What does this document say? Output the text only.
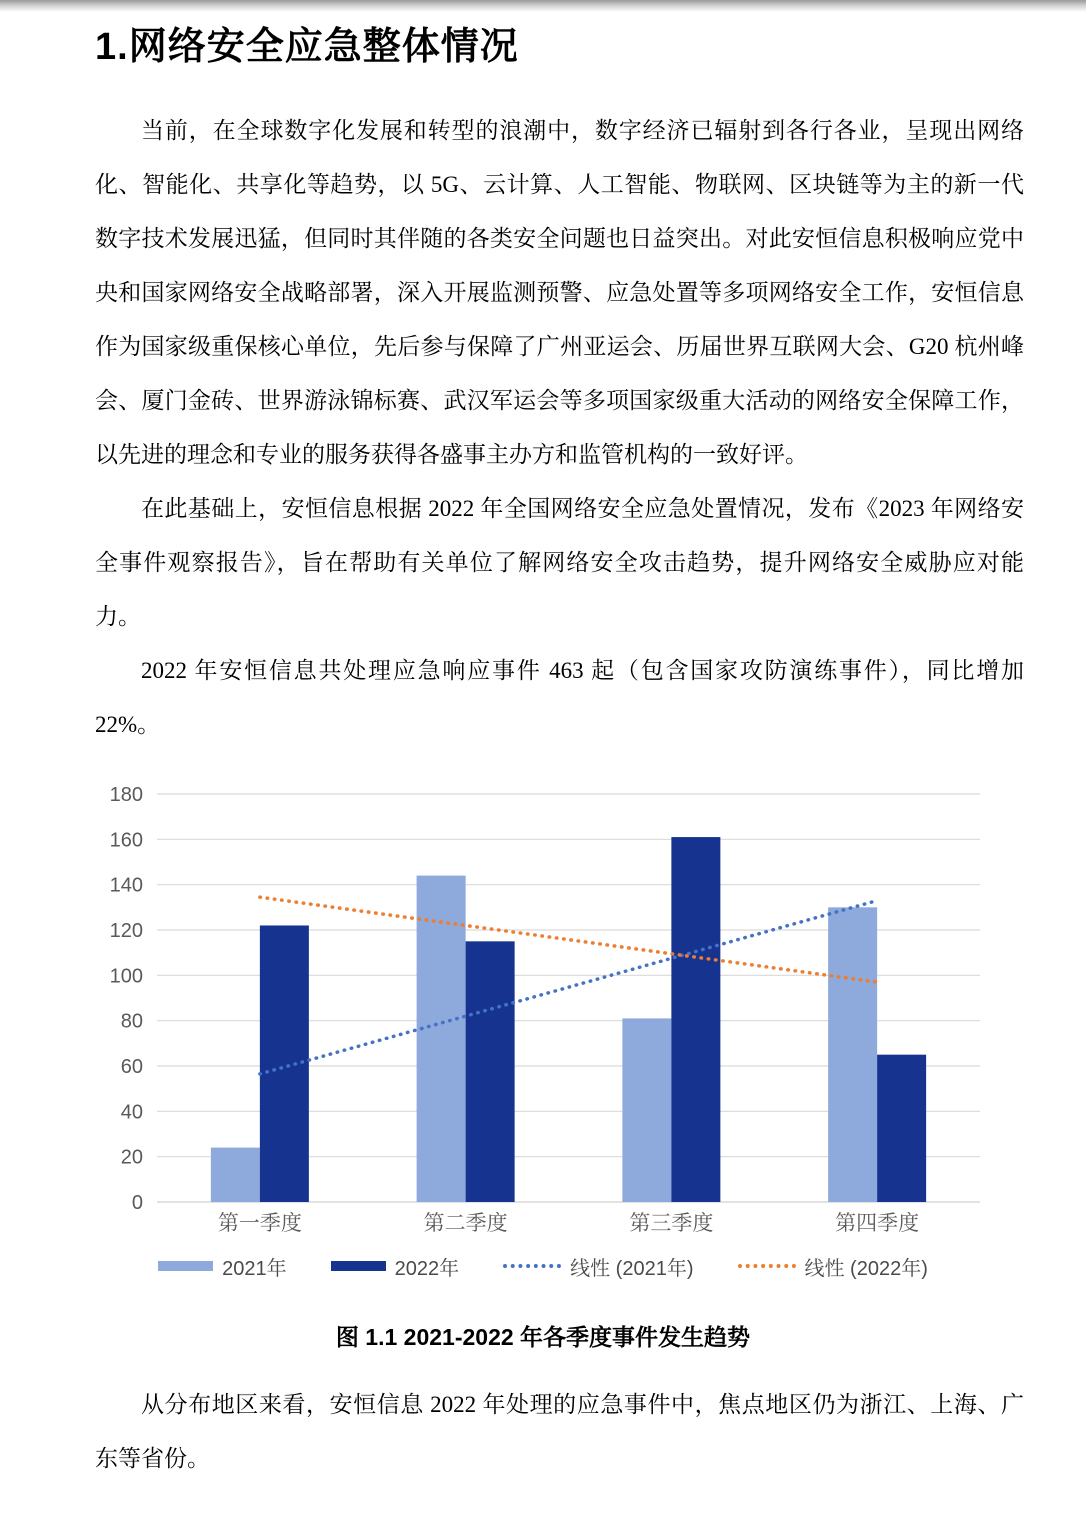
1.网络安全应急整体情况

当前，在全球数字化发展和转型的浪潮中，数字经济已辐射到各行各业，呈现出网络化、智能化、共享化等趋势，以 5G、云计算、人工智能、物联网、区块链等为主的新一代数字技术发展迅猛，但同时其伴随的各类安全问题也日益突出。对此安恒信息积极响应党中央和国家网络安全战略部署，深入开展监测预警、应急处置等多项网络安全工作，安恒信息作为国家级重保核心单位，先后参与保障了广州亚运会、历届世界互联网大会、G20 杭州峰会、厦门金砖、世界游泳锦标赛、武汉军运会等多项国家级重大活动的网络安全保障工作，以先进的理念和专业的服务获得各盛事主办方和监管机构的一致好评。

在此基础上，安恒信息根据 2022 年全国网络安全应急处置情况，发布《2023 年网络安全事件观察报告》，旨在帮助有关单位了解网络安全攻击趋势，提升网络安全威胁应对能力。

2022 年安恒信息共处理应急响应事件 463 起（包含国家攻防演练事件），同比增加 22%。

0
20
40
60
80
100
120
140
160
180
第一季度	第二季度	第三季度	第四季度
2021年	2022年	线性 (2021年)	线性 (2022年)
图 1.1 2021-2022 年各季度事件发生趋势

从分布地区来看，安恒信息 2022 年处理的应急事件中，焦点地区仍为浙江、上海、广东等省份。
